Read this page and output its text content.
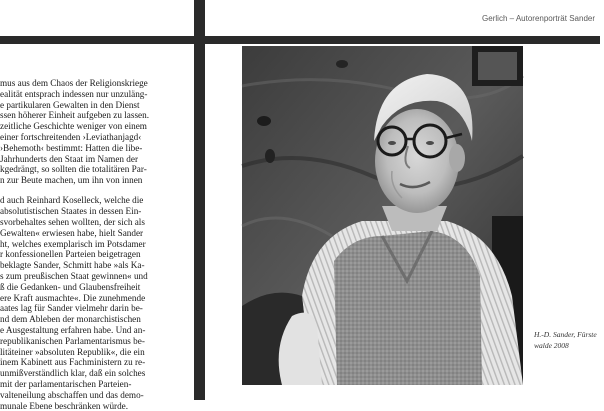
mus aus dem Chaos der Religionskriege
ealität entsprach indessen nur unzuläng-
e partikularen Gewalten in den Dienst
ssen höherer Einheit aufgeben zu lassen.
zeitliche Geschichte weniger von einem
einer fortschreitenden ›Leviathanjagd‹
›Behemoth‹ bestimmt: Hatten die libe-
Jahrhunderts den Staat im Namen der
kgedrängt, so sollten die totalitären Par-
n zur Beute machen, um ihn von innen
d auch Reinhard Koselleck, welche die
absolutistischen Staates in dessen Ein-
svorbehaltes sehen wollten, der sich als
Gewalten« erwiesen habe, hielt Sander
ht, welches exemplarisch im Potsdamer
r konfessionellen Parteien beigetragen
beklagte Sander, Schmitt habe »als Ka-
s zum preußischen Staat gewinnen« und
ß die Gedanken- und Glaubensfreiheit
ere Kraft ausmachte«. Die zunehmende
aates lag für Sander vielmehr darin be-
nd dem Ableben der monarchistischen
e Ausgestaltung erfahren habe. Und an-
republikanischen Parlamentarismus be-
litäteiner »absoluten Republik«, die ein
inem Kabinett aus Fachministern zu re-
unmißverständlich klar, daß ein solches
mit der parlamentarischen Parteien-
valteneilung abschaffen und das demo-
munale Ebene beschränken würde.
Gerlich – Autorenporträt Sander
H.-D. Sander, Fürste
walde 2008
